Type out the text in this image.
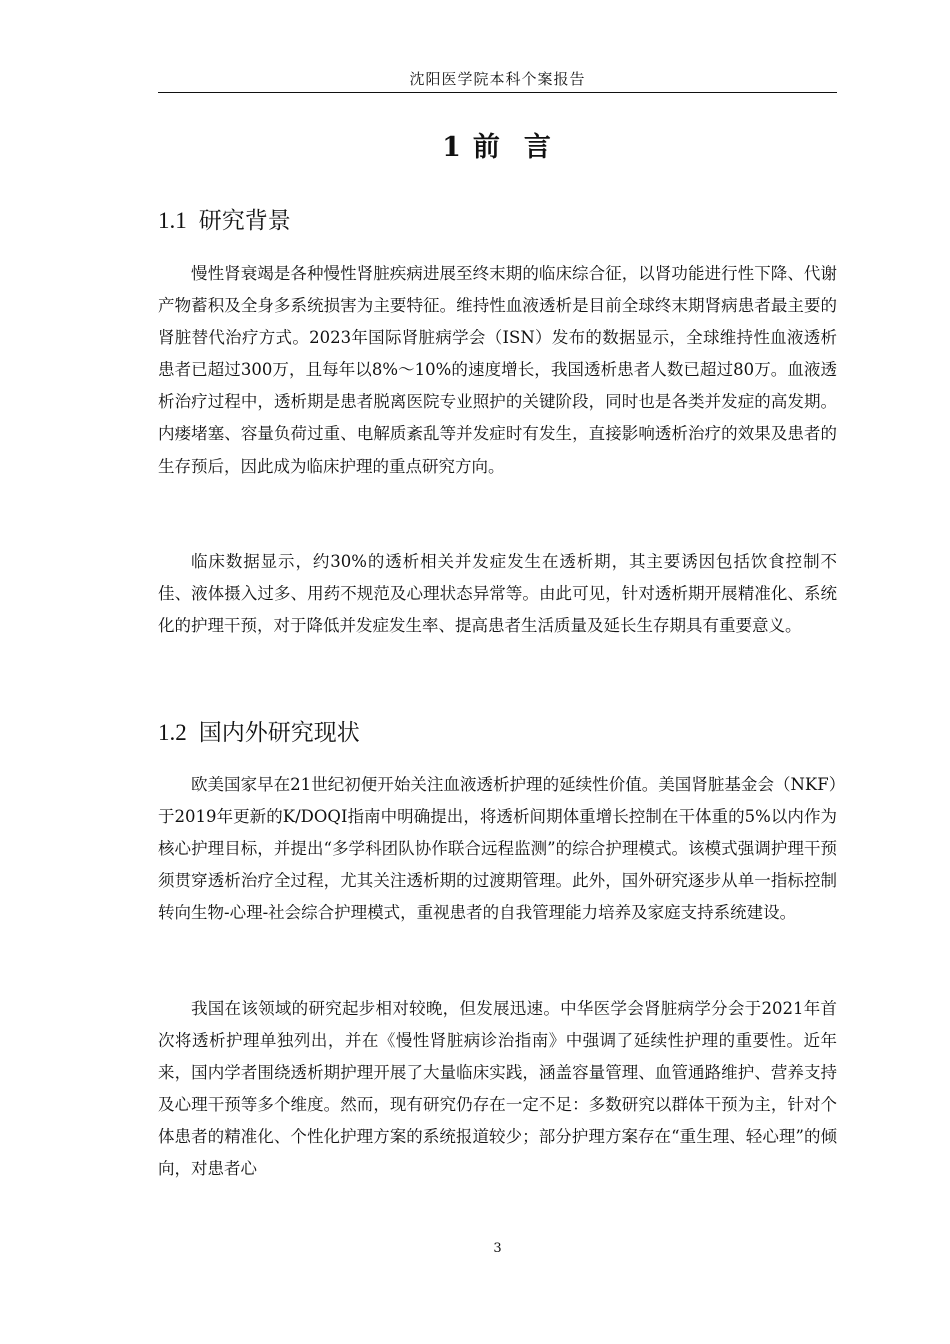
沈阳医学院本科个案报告
1 前 言
1.1 研究背景

慢性肾衰竭是各种慢性肾脏疾病进展至终末期的临床综合征，以肾功能进行性下降、代谢产物蓄积及全身多系统损害为主要特征。维持性血液透析是目前全球终末期肾病患者最主要的肾脏替代治疗方式。2023年国际肾脏病学会（ISN）发布的数据显示，全球维持性血液透析患者已超过300万，且每年以8%～10%的速度增长，我国透析患者人数已超过80万。血液透析治疗过程中，透析期是患者脱离医院专业照护的关键阶段，同时也是各类并发症的高发期。内瘘堵塞、容量负荷过重、电解质紊乱等并发症时有发生，直接影响透析治疗的效果及患者的生存预后，因此成为临床护理的重点研究方向。

临床数据显示，约30%的透析相关并发症发生在透析期，其主要诱因包括饮食控制不佳、液体摄入过多、用药不规范及心理状态异常等。由此可见，针对透析期开展精准化、系统化的护理干预，对于降低并发症发生率、提高患者生活质量及延长生存期具有重要意义。

1.2 国内外研究现状

欧美国家早在21世纪初便开始关注血液透析护理的延续性价值。美国肾脏基金会（NKF）于2019年更新的K/DOQI指南中明确提出，将透析间期体重增长控制在干体重的5%以内作为核心护理目标，并提出“多学科团队协作联合远程监测”的综合护理模式。该模式强调护理干预须贯穿透析治疗全过程，尤其关注透析期的过渡期管理。此外，国外研究逐步从单一指标控制转向生物-心理-社会综合护理模式，重视患者的自我管理能力培养及家庭支持系统建设。

我国在该领域的研究起步相对较晚，但发展迅速。中华医学会肾脏病学分会于2021年首次将透析护理单独列出，并在《慢性肾脏病诊治指南》中强调了延续性护理的重要性。近年来，国内学者围绕透析期护理开展了大量临床实践，涵盖容量管理、血管通路维护、营养支持及心理干预等多个维度。然而，现有研究仍存在一定不足：多数研究以群体干预为主，针对个体患者的精准化、个性化护理方案的系统报道较少；部分护理方案存在“重生理、轻心理”的倾向，对患者心

3
